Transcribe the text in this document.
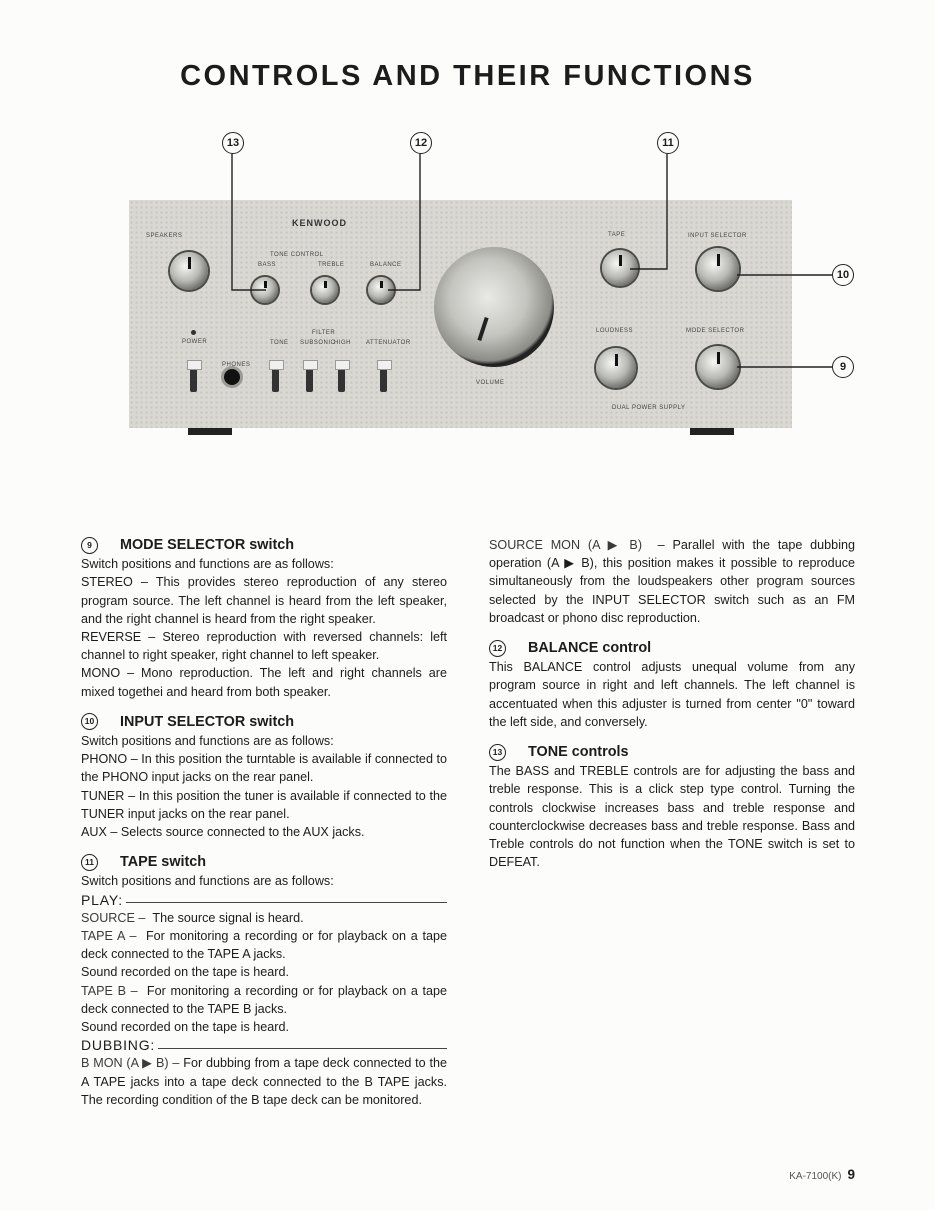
CONTROLS AND THEIR FUNCTIONS
KENWOOD
SPEAKERS
TONE CONTROL
BASS	TREBLE	BALANCE
TAPE	INPUT SELECTOR
POWER
PHONES
FILTER
TONE SUBSONIC
HIGH	ATTENUATOR
LOUDNESS	MODE SELECTOR
VOLUME
DUAL POWER SUPPLY
13	12	11
10
9
9	MODE SELECTOR switch
Switch positions and functions are as follows:
STEREO – This provides stereo reproduction of any stereo program source. The left channel is heard from the left speaker, and the right channel is heard from the right speaker.
REVERSE – Stereo reproduction with reversed channels: left channel to right speaker, right channel to left speaker.
MONO – Mono reproduction. The left and right channels are mixed togethei and heard from both speaker.
10 INPUT SELECTOR switch
Switch positions and functions are as follows:
PHONO – In this position the turntable is available if connected to the PHONO input jacks on the rear panel.
TUNER – In this position the tuner is available if connected to the TUNER input jacks on the rear panel.
AUX – Selects source connected to the AUX jacks.
11 TAPE switch
Switch positions and functions are as follows:
PLAY:
SOURCE – The source signal is heard.
TAPE A – For monitoring a recording or for playback on a tape deck connected to the TAPE A jacks.
Sound recorded on the tape is heard.
TAPE B – For monitoring a recording or for playback on a tape deck connected to the TAPE B jacks.
Sound recorded on the tape is heard.
DUBBING:
B MON (A ▶ B) – For dubbing from a tape deck connected to the A TAPE jacks into a tape deck connected to the B TAPE jacks. The recording condition of the B tape deck can be monitored.
SOURCE MON (A ▶ B) – Parallel with the tape dubbing operation (A ▶ B), this position makes it possible to reproduce simultaneously from the loudspeakers other program sources selected by the INPUT SELECTOR switch such as an FM broadcast or phono disc reproduction.
12 BALANCE control
This BALANCE control adjusts unequal volume from any program source in right and left channels. The left channel is accentuated when this adjuster is turned from center "0" toward the left side, and conversely.
13 TONE controls
The BASS and TREBLE controls are for adjusting the bass and treble response. This is a click step type control. Turning the controls clockwise increases bass and treble response and counterclockwise decreases bass and treble response. Bass and Treble controls do not function when the TONE switch is set to DEFEAT.
KA-7100(K) 9
